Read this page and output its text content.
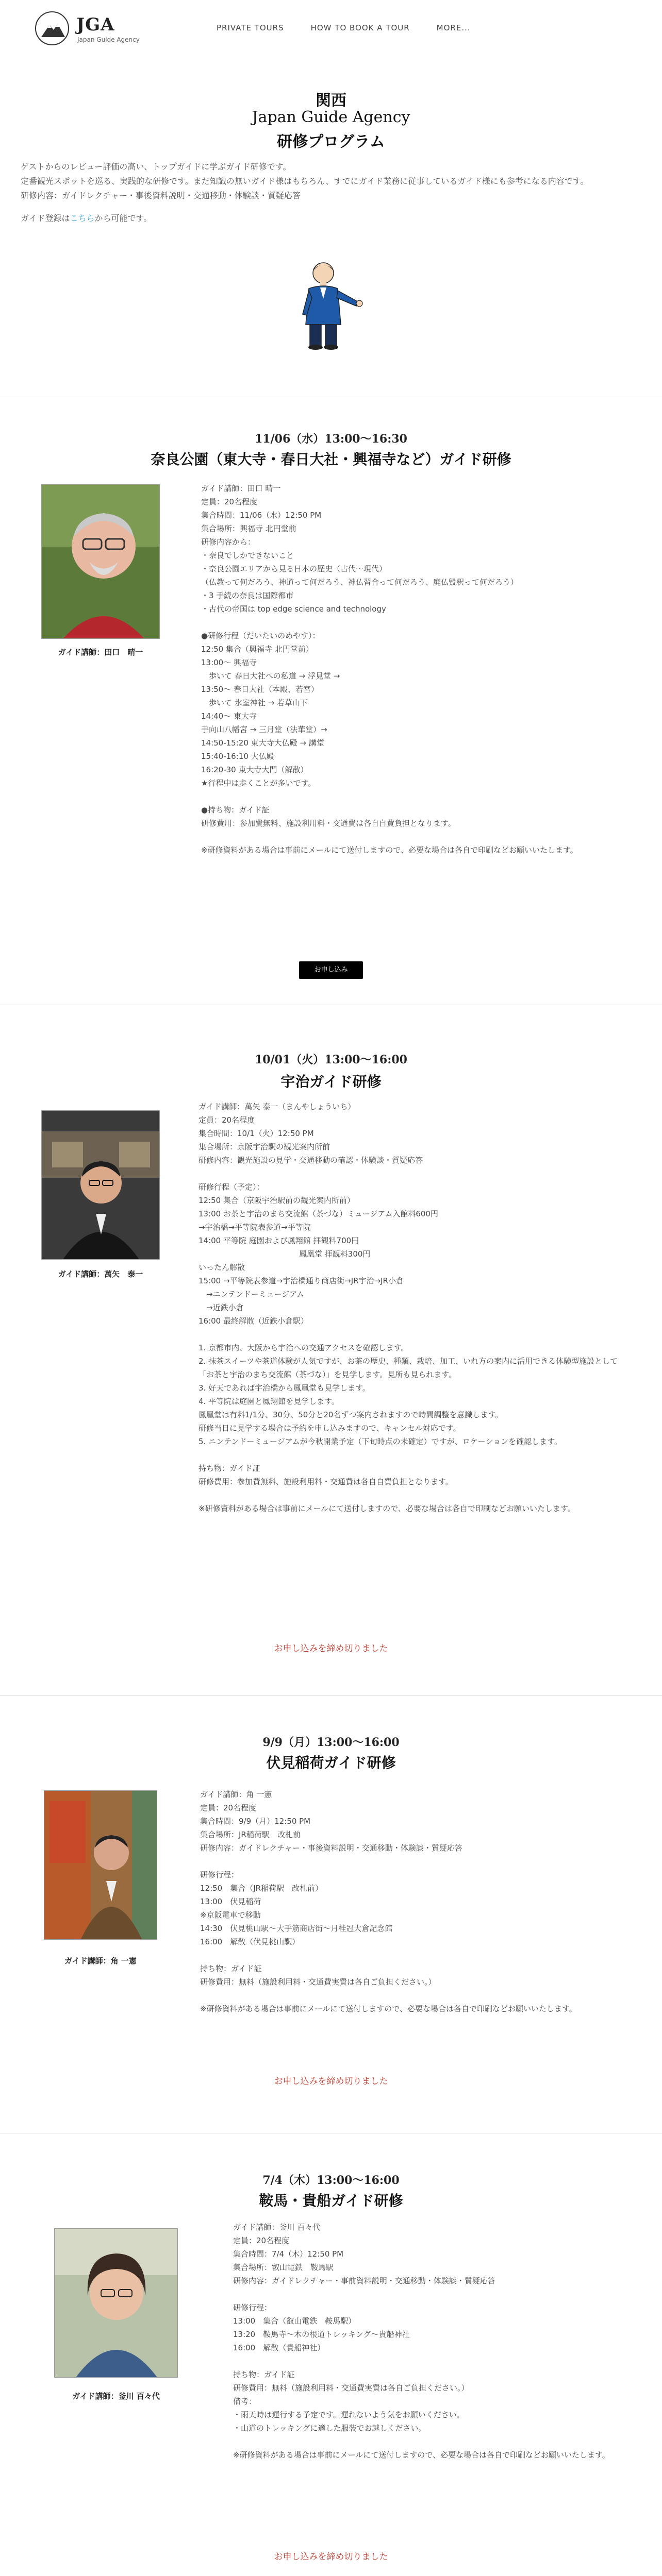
JGA
Japan Guide Agency
PRIVATE TOURS	HOW TO BOOK A TOUR	MORE...
関西
Japan Guide Agency
研修プログラム
ゲストからのレビュー評価の高い、トップガイドに学ぶガイド研修です。
定番観光スポットを巡る、実践的な研修です。まだ知識の無いガイド様はもちろん、すでにガイド業務に従事しているガイド様にも参考になる内容です。
研修内容：ガイドレクチャー・事後資料説明・交通移動・体験談・質疑応答
ガイド登録はこちらから可能です。
11/06（水）13:00〜16:30
奈良公園（東大寺・春日大社・興福寺など）ガイド研修
ガイド講師：田口　晴一
ガイド講師：田口 晴一
定員：20名程度
集合時間：11/06（水）12:50 PM
集合場所：興福寺 北円堂前
研修内容から：
・奈良でしかできないこと
・奈良公園エリアから見る日本の歴史（古代〜現代）
（仏教って何だろう、神道って何だろう、神仏習合って何だろう、廃仏毀釈って何だろう）
・3 手続の奈良は国際都市
・古代の帝国は top edge science and technology

●研修行程（だいたいのめやす）：
12:50 集合（興福寺 北円堂前）
13:00〜 興福寺
　歩いて 春日大社への私道 → 浮見堂 →
13:50〜 春日大社（本殿、若宮）
　歩いて 氷室神社 → 若草山下
14:40〜 東大寺
手向山八幡宮 → 三月堂（法華堂）→
14:50-15:20 東大寺大仏殿 → 講堂
15:40-16:10 大仏殿
16:20-30 東大寺大門（解散）
★行程中は歩くことが多いです。

●持ち物：ガイド証
研修費用：参加費無料、施設利用料・交通費は各自自費負担となります。

※研修資料がある場合は事前にメールにて送付しますので、必要な場合は各自で印刷などお願いいたします。
お申し込み
10/01（火）13:00〜16:00
宇治ガイド研修
ガイド講師：萬矢　泰一
ガイド講師：萬矢 泰一（まんやしょういち）
定員：20名程度
集合時間：10/1（火）12:50 PM
集合場所：京阪宇治駅の観光案内所前
研修内容：観光施設の見学・交通移動の確認・体験談・質疑応答

研修行程（予定）：
12:50 集合（京阪宇治駅前の観光案内所前）
13:00 お茶と宇治のまち交流館（茶づな）ミュージアム入館料600円
→宇治橋→平等院表参道→平等院
14:00 平等院 庭園および鳳翔館 拝観料700円
　　　　　　　　　　　　　鳳凰堂 拝観料300円
いったん解散
15:00 →平等院表参道→宇治橋通り商店街→JR宇治→JR小倉
　→ニンテンドーミュージアム
　→近鉄小倉
16:00 最終解散（近鉄小倉駅）

1. 京都市内、大阪から宇治への交通アクセスを確認します。
2. 抹茶スイーツや茶道体験が人気ですが、お茶の歴史、種類、栽培、加工、いれ方の案内に活用できる体験型施設として「お茶と宇治のまち交流館（茶づな）」を見学します。見所も見られます。
3. 好天であれば宇治橋から鳳凰堂も見学します。
4. 平等院は庭園と鳳翔館を見学します。
鳳凰堂は有料1/1分、30分、50分と20名ずつ案内されますので時間調整を意識します。
研修当日に見学する場合は予約を申し込みますので、キャンセル対応です。
5. ニンテンドーミュージアムが今秋開業予定（下旬時点の未確定）ですが、ロケーションを確認します。

持ち物：ガイド証
研修費用：参加費無料、施設利用料・交通費は各自自費負担となります。

※研修資料がある場合は事前にメールにて送付しますので、必要な場合は各自で印刷などお願いいたします。
お申し込みを締め切りました
9/9（月）13:00〜16:00
伏見稲荷ガイド研修
ガイド講師：角 一憲
ガイド講師：角 一憲
定員：20名程度
集合時間：9/9（月）12:50 PM
集合場所：JR稲荷駅　改札前
研修内容：ガイドレクチャー・事後資料説明・交通移動・体験談・質疑応答

研修行程：
12:50　集合（JR稲荷駅　改札前）
13:00　伏見稲荷
※京阪電車で移動
14:30　伏見桃山駅〜大手筋商店街〜月桂冠大倉記念館
16:00　解散（伏見桃山駅）

持ち物：ガイド証
研修費用：無料（施設利用料・交通費実費は各自ご負担ください。）

※研修資料がある場合は事前にメールにて送付しますので、必要な場合は各自で印刷などお願いいたします。
お申し込みを締め切りました
7/4（木）13:00〜16:00
鞍馬・貴船ガイド研修
ガイド講師：釜川 百々代
ガイド講師：釜川 百々代
定員：20名程度
集合時間：7/4（木）12:50 PM
集合場所：叡山電鉄　鞍馬駅
研修内容：ガイドレクチャー・事前資料説明・交通移動・体験談・質疑応答

研修行程：
13:00　集合（叡山電鉄　鞍馬駅）
13:20　鞍馬寺〜木の根道トレッキング〜貴船神社
16:00　解散（貴船神社）

持ち物：ガイド証
研修費用：無料（施設利用料・交通費実費は各自ご負担ください。）
備考：
・雨天時は遅行する予定です。遅れないよう気をお願いください。
・山道のトレッキングに適した服装でお越しください。

※研修資料がある場合は事前にメールにて送付しますので、必要な場合は各自で印刷などお願いいたします。
お申し込みを締め切りました
